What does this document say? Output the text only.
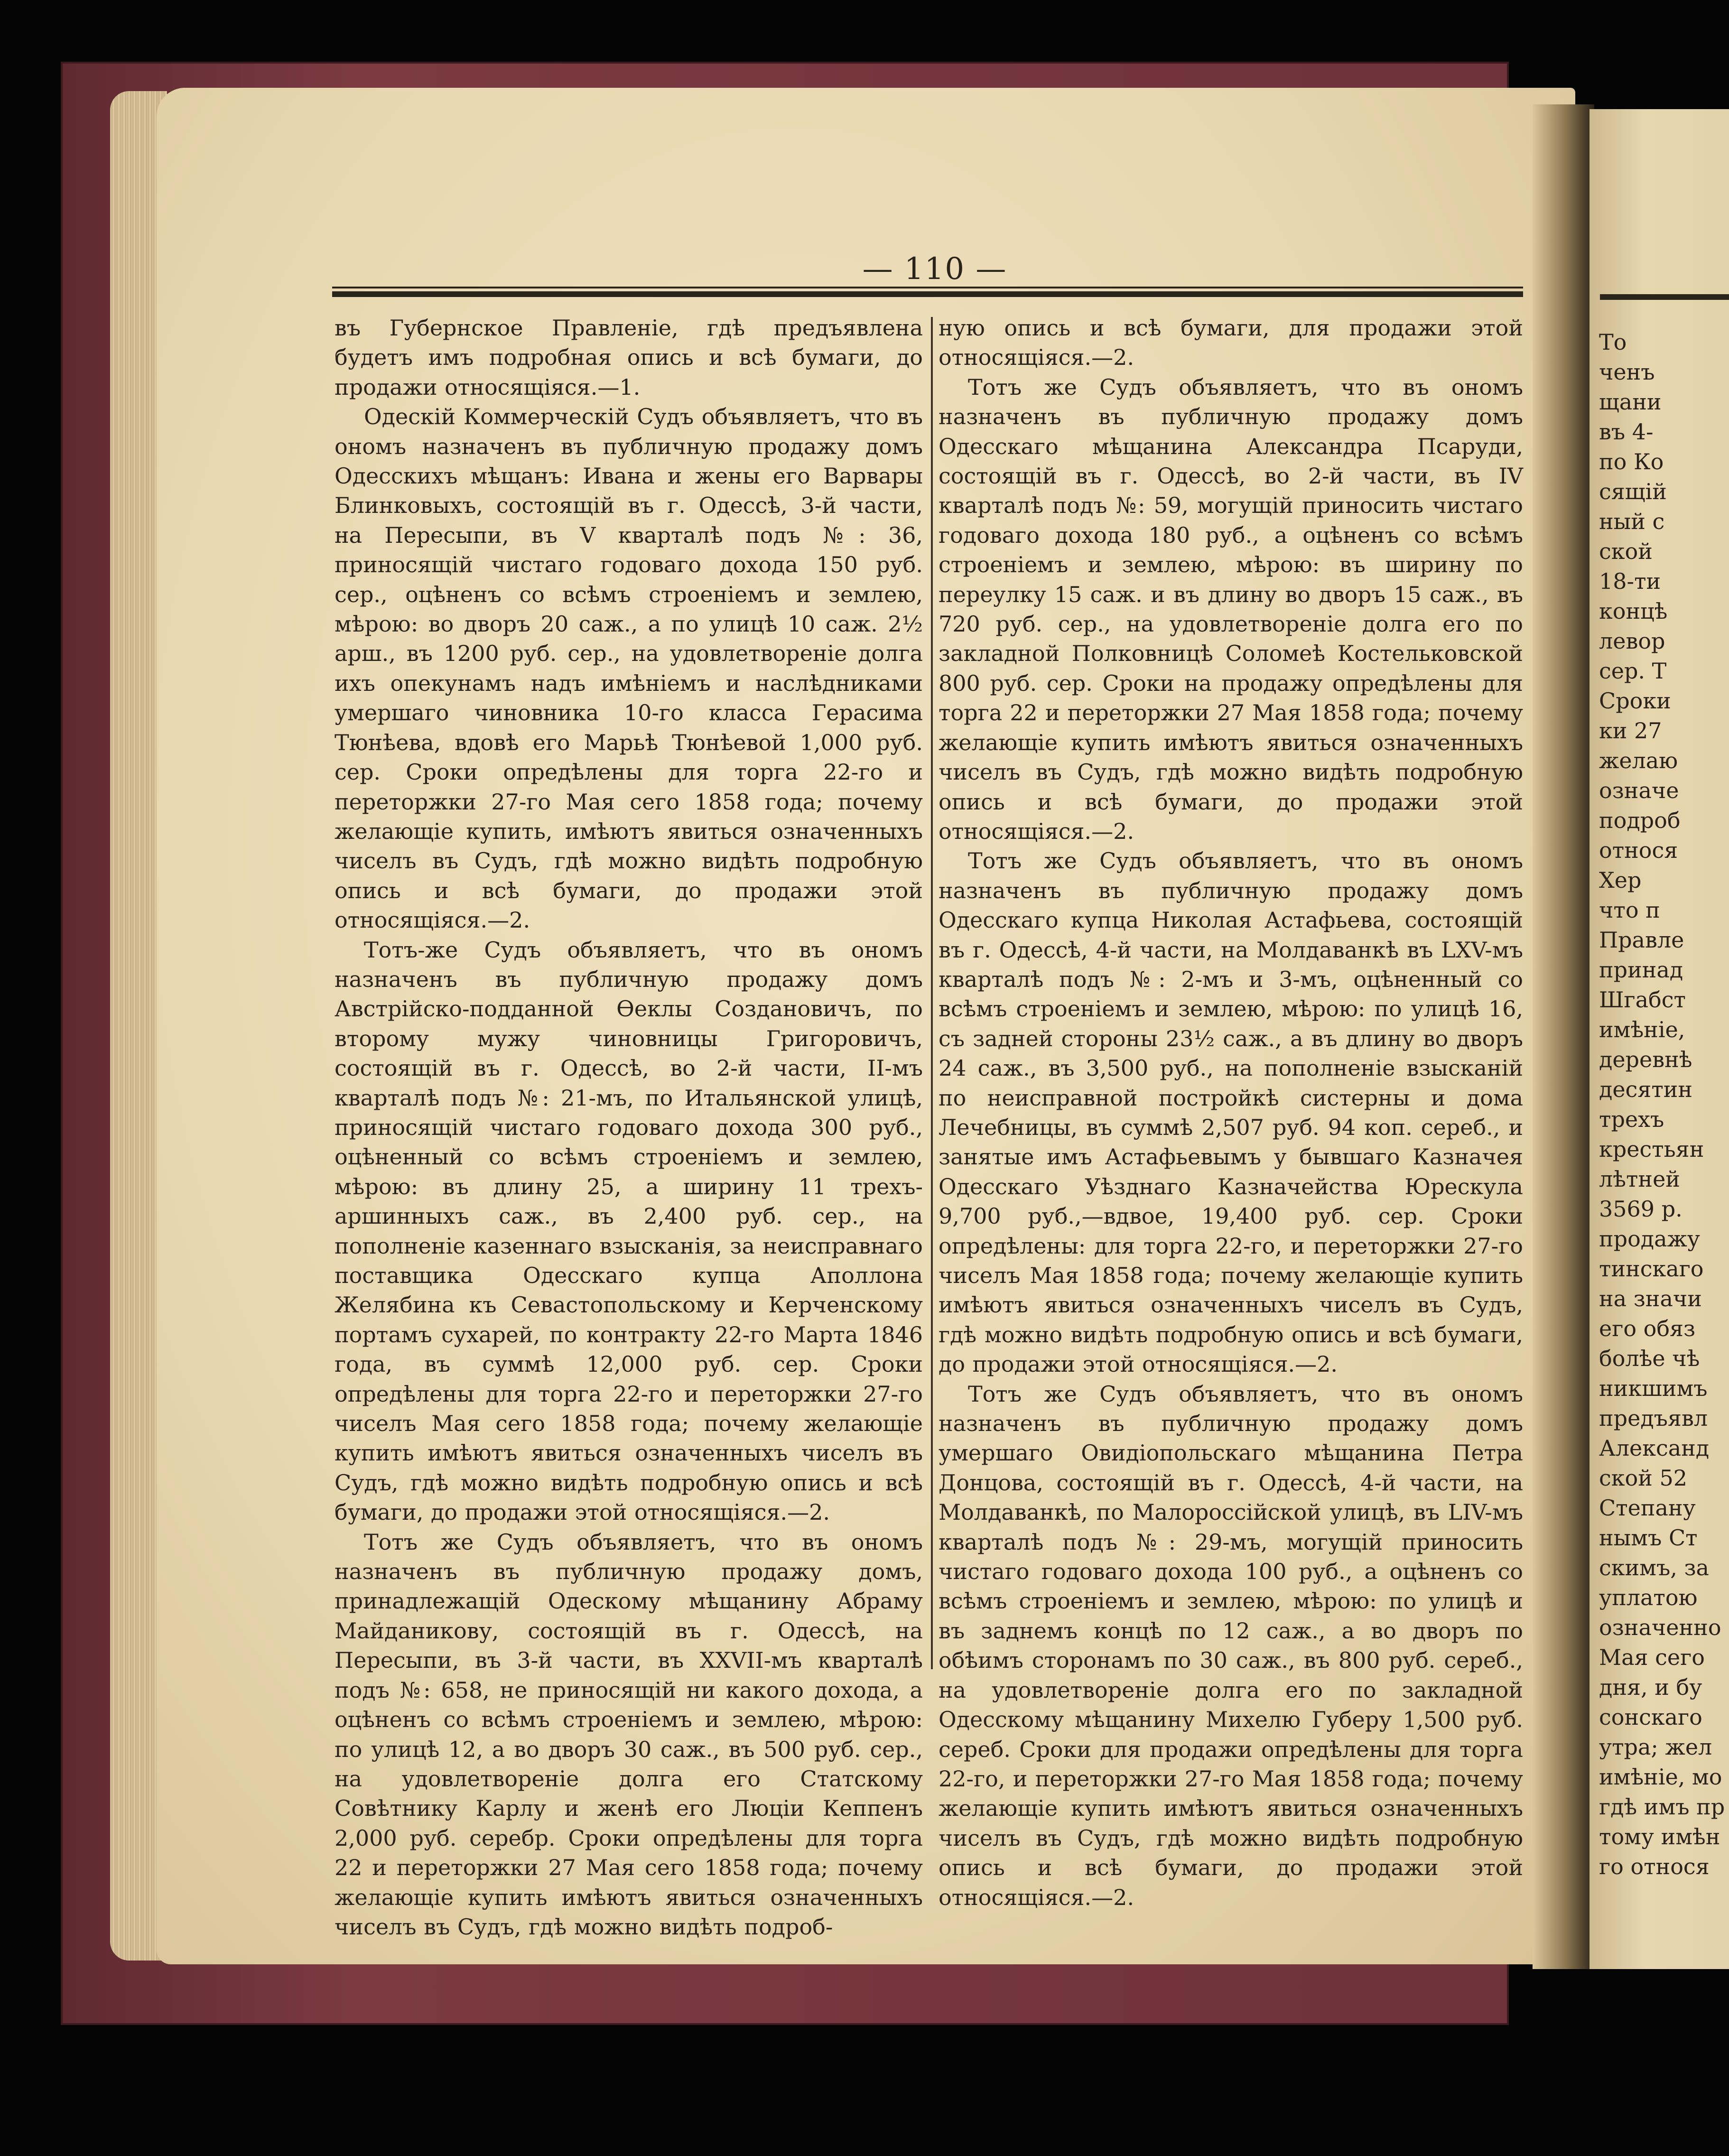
— 110 —

въ Губернское Правленіе, гдѣ предъявлена будетъ имъ подробная опись и всѣ бумаги, до продажи относящіяся.—1.

Одескій Коммерческій Судъ объявляетъ, что въ ономъ назначенъ въ публичную продажу домъ Одесскихъ мѣщанъ: Ивана и жены его Варвары Блинковыхъ, состоящій въ г. Одессѣ, 3-й части, на Пересыпи, въ V кварталѣ подъ №: 36, приносящій чистаго годоваго дохода 150 руб. сер., оцѣненъ со всѣмъ строеніемъ и землею, мѣрою: во дворъ 20 саж., а по улицѣ 10 саж. 2½ арш., въ 1200 руб. сер., на удовлетвореніе долга ихъ опекунамъ надъ имѣніемъ и наслѣдниками умершаго чиновника 10-го класса Герасима Тюнѣева, вдовѣ его Марьѣ Тюнѣевой 1,000 руб. сер. Сроки опредѣлены для торга 22-го и переторжки 27-го Мая сего 1858 года; почему желающіе купить, имѣютъ явиться означенныхъ чиселъ въ Судъ, гдѣ можно видѣть подробную опись и всѣ бумаги, до продажи этой относящіяся.—2.

Тотъ-же Судъ объявляетъ, что въ ономъ назначенъ въ публичную продажу домъ Австрійско-подданной Ѳеклы Создановичъ, по второму мужу чиновницы Григоровичъ, состоящій въ г. Одессѣ, во 2-й части, II-мъ кварталѣ подъ №: 21-мъ, по Итальянской улицѣ, приносящій чистаго годоваго дохода 300 руб., оцѣненный со всѣмъ строеніемъ и землею, мѣрою: въ длину 25, а ширину 11 трехъ-аршинныхъ саж., въ 2,400 руб. сер., на пополненіе казеннаго взысканія, за неисправнаго поставщика Одесскаго купца Аполлона Желябина къ Севастопольскому и Керченскому портамъ сухарей, по контракту 22-го Марта 1846 года, въ суммѣ 12,000 руб. сер. Сроки опредѣлены для торга 22-го и переторжки 27-го чиселъ Мая сего 1858 года; почему желающіе купить имѣютъ явиться означенныхъ чиселъ въ Судъ, гдѣ можно видѣть подробную опись и всѣ бумаги, до продажи этой относящіяся.—2.

Тотъ же Судъ объявляетъ, что въ ономъ назначенъ въ публичную продажу домъ, принадлежащій Одескому мѣщанину Абраму Майданикову, состоящій въ г. Одессѣ, на Пересыпи, въ 3-й части, въ XXVII-мъ кварталѣ подъ №: 658, не приносящій ни какого дохода, а оцѣненъ со всѣмъ строеніемъ и землею, мѣрою: по улицѣ 12, а во дворъ 30 саж., въ 500 руб. сер., на удовлетвореніе долга его Статскому Совѣтнику Карлу и женѣ его Люціи Кеппенъ 2,000 руб. серебр. Сроки опредѣлены для торга 22 и переторжки 27 Мая сего 1858 года; почему желающіе купить имѣютъ явиться означенныхъ чиселъ въ Судъ, гдѣ можно видѣть подроб-

ную опись и всѣ бумаги, для продажи этой относящіяся.—2.

Тотъ же Судъ объявляетъ, что въ ономъ назначенъ въ публичную продажу домъ Одесскаго мѣщанина Александра Псаруди, состоящій въ г. Одессѣ, во 2-й части, въ IV кварталѣ подъ №: 59, могущій приносить чистаго годоваго дохода 180 руб., а оцѣненъ со всѣмъ строеніемъ и землею, мѣрою: въ ширину по переулку 15 саж. и въ длину во дворъ 15 саж., въ 720 руб. сер., на удовлетвореніе долга его по закладной Полковницѣ Соломеѣ Костельковской 800 руб. сер. Сроки на продажу опредѣлены для торга 22 и переторжки 27 Мая 1858 года; почему желающіе купить имѣютъ явиться означенныхъ чиселъ въ Судъ, гдѣ можно видѣть подробную опись и всѣ бумаги, до продажи этой относящіяся.—2.

Тотъ же Судъ объявляетъ, что въ ономъ назначенъ въ публичную продажу домъ Одесскаго купца Николая Астафьева, состоящій въ г. Одессѣ, 4-й части, на Молдаванкѣ въ LXV-мъ кварталѣ подъ №: 2-мъ и 3-мъ, оцѣненный со всѣмъ строеніемъ и землею, мѣрою: по улицѣ 16, съ задней стороны 23½ саж., а въ длину во дворъ 24 саж., въ 3,500 руб., на пополненіе взысканій по неисправной постройкѣ систерны и дома Лечебницы, въ суммѣ 2,507 руб. 94 коп. сереб., и занятые имъ Астафьевымъ у бывшаго Казначея Одесскаго Уѣзднаго Казначейства Юрескула 9,700 руб.,—вдвое, 19,400 руб. сер. Сроки опредѣлены: для торга 22-го, и переторжки 27-го чиселъ Мая 1858 года; почему желающіе купить имѣютъ явиться означенныхъ чиселъ въ Судъ, гдѣ можно видѣть подробную опись и всѣ бумаги, до продажи этой относящіяся.—2.

Тотъ же Судъ объявляетъ, что въ ономъ назначенъ въ публичную продажу домъ умершаго Овидіопольскаго мѣщанина Петра Донцова, состоящій въ г. Одессѣ, 4-й части, на Молдаванкѣ, по Малороссійской улицѣ, въ LIV-мъ кварталѣ подъ №: 29-мъ, могущій приносить чистаго годоваго дохода 100 руб., а оцѣненъ со всѣмъ строеніемъ и землею, мѣрою: по улицѣ и въ заднемъ концѣ по 12 саж., а во дворъ по обѣимъ сторонамъ по 30 саж., въ 800 руб. сереб., на удовлетвореніе долга его по закладной Одесскому мѣщанину Михелю Губеру 1,500 руб. сереб. Сроки для продажи опредѣлены для торга 22-го, и переторжки 27-го Мая 1858 года; почему желающіе купить имѣютъ явиться означенныхъ чиселъ въ Судъ, гдѣ можно видѣть подробную опись и всѣ бумаги, до продажи этой относящіяся.—2.

То
ченъ
щани
въ 4-
по Ко
сящій
ный с
ской
18-ти
концѣ
левор
сер. Т
Сроки
ки 27
желаю
означе
подроб
относя
Хер
что п
Правле
принад
Шгабст
имѣніе,
деревнѣ
десятин
трехъ
крестьян
лѣтней
3569 р.
продажу
тинскаго
на значи
его обяз
болѣе чѣ
никшимъ
предъявл
Александ
ской 52
Степану
нымъ Ст
скимъ, за
уплатою
означенно
Мая сего
дня, и бу
сонскаго
утра; жел
имѣніе, мо
гдѣ имъ пр
тому имѣн
го относя
